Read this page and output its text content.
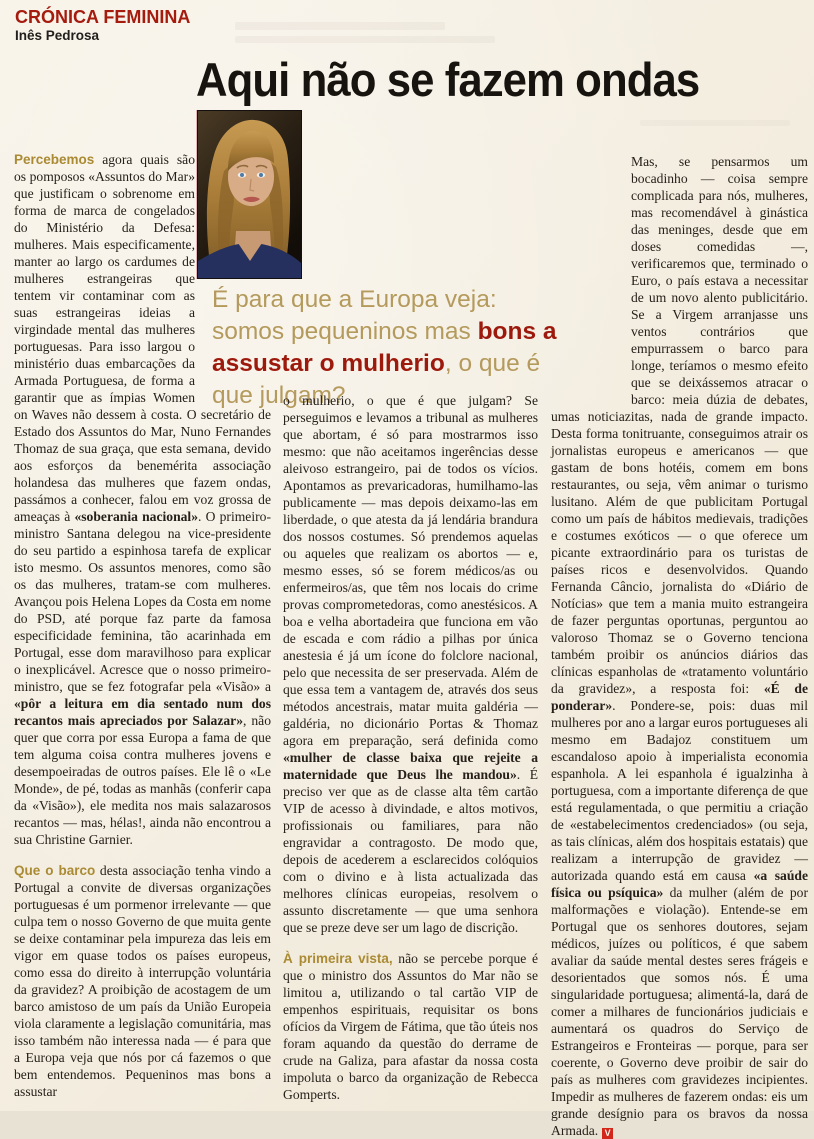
CRÓNICA FEMININA
Inês Pedrosa
Aqui não se fazem ondas
É para que a Europa veja: somos pequeninos mas bons a assustar o mulherio, o que é que julgam?

Percebemos agora quais são os pomposos «Assuntos do Mar» que justificam o sobrenome em forma de marca de congelados do Ministério da Defesa: mulheres. Mais especificamente, manter ao largo os cardumes de mulheres estrangeiras que tentem vir contaminar com as suas estrangeiras ideias a virgindade mental das mulheres portuguesas. Para isso largou o ministério duas embarcações da Armada Portuguesa, de forma a garantir que as ímpias Women on Waves não dessem à costa. O secretário de Estado dos Assuntos do Mar, Nuno Fernandes Thomaz de sua graça, que esta semana, devido aos esforços da benemérita associação holandesa das mulheres que fazem ondas, passámos a conhecer, falou em voz grossa de ameaças à «soberania nacional». O primeiro-ministro Santana delegou na vice-presidente do seu partido a espinhosa tarefa de explicar isto mesmo. Os assuntos menores, como são os das mulheres, tratam-se com mulheres. Avançou pois Helena Lopes da Costa em nome do PSD, até porque faz parte da famosa especificidade feminina, tão acarinhada em Portugal, esse dom maravilhoso para explicar o inexplicável. Acresce que o nosso primeiro-ministro, que se fez fotografar pela «Visão» a «pôr a leitura em dia sentado num dos recantos mais apreciados por Salazar», não quer que corra por essa Europa a fama de que tem alguma coisa contra mulheres jovens e desempoeiradas de outros países. Ele lê o «Le Monde», de pé, todas as manhãs (conferir capa da «Visão»), ele medita nos mais salazarosos recantos — mas, hélas!, ainda não encontrou a sua Christine Garnier.

Que o barco desta associação tenha vindo a Portugal a convite de diversas organizações portuguesas é um pormenor irrelevante — que culpa tem o nosso Governo de que muita gente se deixe contaminar pela impureza das leis em vigor em quase todos os países europeus, como essa do direito à interrupção voluntária da gravidez? A proibição de acostagem de um barco amistoso de um país da União Europeia viola claramente a legislação comunitária, mas isso também não interessa nada — é para que a Europa veja que nós por cá fazemos o que bem entendemos. Pequeninos mas bons a assustar

o mulherio, o que é que julgam? Se perseguimos e levamos a tribunal as mulheres que abortam, é só para mostrarmos isso mesmo: que não aceitamos ingerências desse aleivoso estrangeiro, pai de todos os vícios. Apontamos as prevaricadoras, humilhamo-las publicamente — mas depois deixamo-las em liberdade, o que atesta da já lendária brandura dos nossos costumes. Só prendemos aquelas ou aqueles que realizam os abortos — e, mesmo esses, só se forem médicos/as ou enfermeiros/as, que têm nos locais do crime provas comprometedoras, como anestésicos. A boa e velha abortadeira que funciona em vão de escada e com rádio a pilhas por única anestesia é já um ícone do folclore nacional, pelo que necessita de ser preservada. Além de que essa tem a vantagem de, através dos seus métodos ancestrais, matar muita galdéria — galdéria, no dicionário Portas & Thomaz agora em preparação, será definida como «mulher de classe baixa que rejeite a maternidade que Deus lhe mandou». É preciso ver que as de classe alta têm cartão VIP de acesso à divindade, e altos motivos, profissionais ou familiares, para não engravidar a contragosto. De modo que, depois de acederem a esclarecidos colóquios com o divino e à lista actualizada das melhores clínicas europeias, resolvem o assunto discretamente — que uma senhora que se preze deve ser um lago de discrição.

À primeira vista, não se percebe porque é que o ministro dos Assuntos do Mar não se limitou a, utilizando o tal cartão VIP de empenhos espirituais, requisitar os bons ofícios da Virgem de Fátima, que tão úteis nos foram aquando da questão do derrame de crude na Galiza, para afastar da nossa costa impoluta o barco da organização de Rebecca Gomperts.

Mas, se pensarmos um bocadinho — coisa sempre complicada para nós, mulheres, mas recomendável à ginástica das meninges, desde que em doses comedidas —, verificaremos que, terminado o Euro, o país estava a necessitar de um novo alento publicitário. Se a Virgem arranjasse uns ventos contrários que empurrassem o barco para longe, teríamos o mesmo efeito que se deixássemos atracar o barco: meia dúzia de debates, umas noticiazitas, nada de grande impacto. Desta forma tonitruante, conseguimos atrair os jornalistas europeus e americanos — que gastam de bons hotéis, comem em bons restaurantes, ou seja, vêm animar o turismo lusitano. Além de que publicitam Portugal como um país de hábitos medievais, tradições e costumes exóticos — o que oferece um picante extraordinário para os turistas de países ricos e desenvolvidos. Quando Fernanda Câncio, jornalista do «Diário de Notícias» que tem a mania muito estrangeira de fazer perguntas oportunas, perguntou ao valoroso Thomaz se o Governo tenciona também proibir os anúncios diários das clínicas espanholas de «tratamento voluntário da gravidez», a resposta foi: «É de ponderar». Pondere-se, pois: duas mil mulheres por ano a largar euros portugueses ali mesmo em Badajoz constituem um escandaloso apoio à imperialista economia espanhola. A lei espanhola é igualzinha à portuguesa, com a importante diferença de que está regulamentada, o que permitiu a criação de «estabelecimentos credenciados» (ou seja, as tais clínicas, além dos hospitais estatais) que realizam a interrupção de gravidez — autorizada quando está em causa «a saúde física ou psíquica» da mulher (além de por malformações e violação). Entende-se em Portugal que os senhores doutores, sejam médicos, juízes ou políticos, é que sabem avaliar da saúde mental destes seres frágeis e desorientados que somos nós. É uma singularidade portuguesa; alimentá-la, dará de comer a milhares de funcionários judiciais e aumentará os quadros do Serviço de Estrangeiros e Fronteiras — porque, para ser coerente, o Governo deve proibir de sair do país as mulheres com gravidezes incipientes. Impedir as mulheres de fazerem ondas: eis um grande desígnio para os bravos da nossa Armada. V
